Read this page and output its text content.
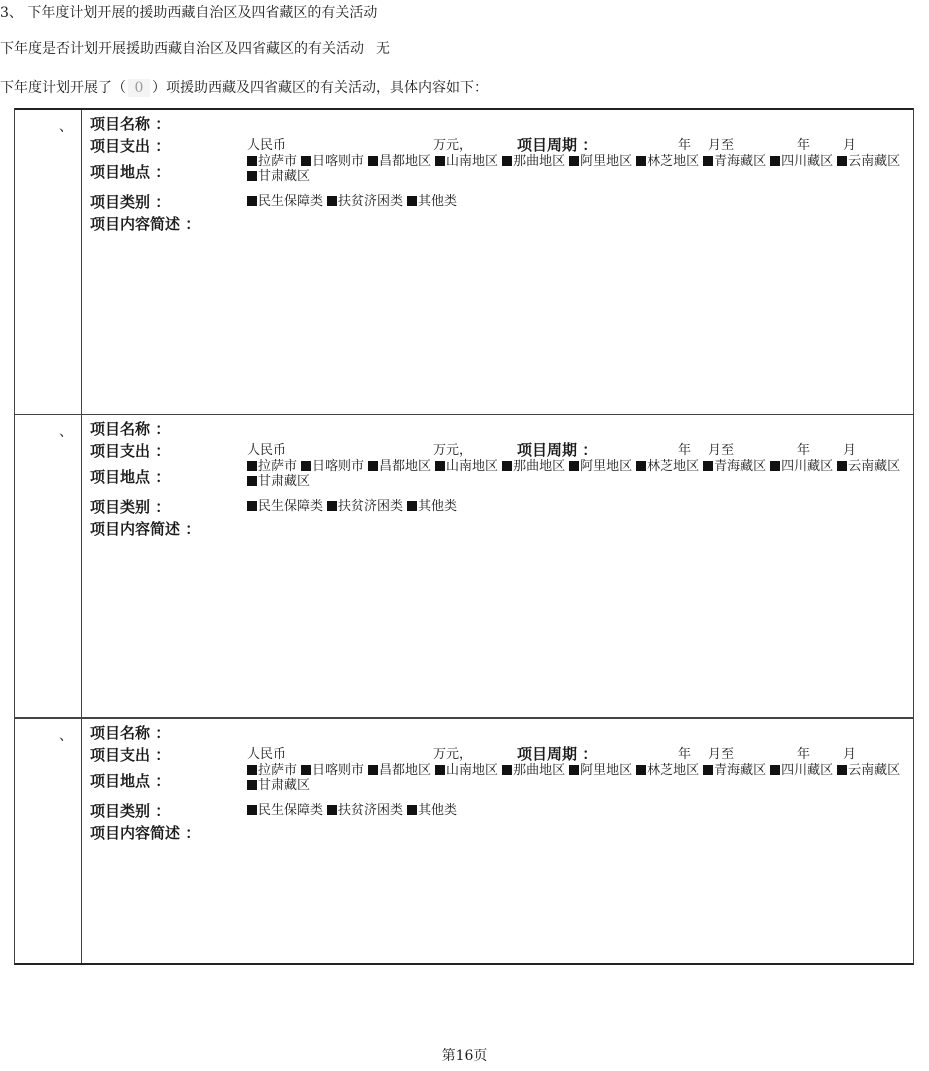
3、 下年度计划开展的援助西藏自治区及四省藏区的有关活动
下年度是否计划开展援助西藏自治区及四省藏区的有关活动 无
下年度计划开展了（ 0 ）项援助西藏及四省藏区的有关活动，具体内容如下：
、 项目名称 ：
项目支出 ：	人民币	万元，	项目周期 ：	年 月至	年	月
项目地点 ：
拉萨市 日喀则市 昌都地区 山南地区 那曲地区 阿里地区 林芝地区 青海藏区 四川藏区 云南藏区甘肃藏区
项目类别 ：	民生保障类 扶贫济困类 其他类
项目内容简述 ：
、 项目名称 ：
项目支出 ：	人民币	万元，	项目周期 ：	年 月至	年	月
项目地点 ：
拉萨市 日喀则市 昌都地区 山南地区 那曲地区 阿里地区 林芝地区 青海藏区 四川藏区 云南藏区甘肃藏区
项目类别 ：	民生保障类 扶贫济困类 其他类
项目内容简述 ：
、 项目名称 ：
项目支出 ：	人民币	万元，	项目周期 ：	年 月至	年	月
项目地点 ：
拉萨市 日喀则市 昌都地区 山南地区 那曲地区 阿里地区 林芝地区 青海藏区 四川藏区 云南藏区甘肃藏区
项目类别 ：	民生保障类 扶贫济困类 其他类
项目内容简述 ：
第16页
